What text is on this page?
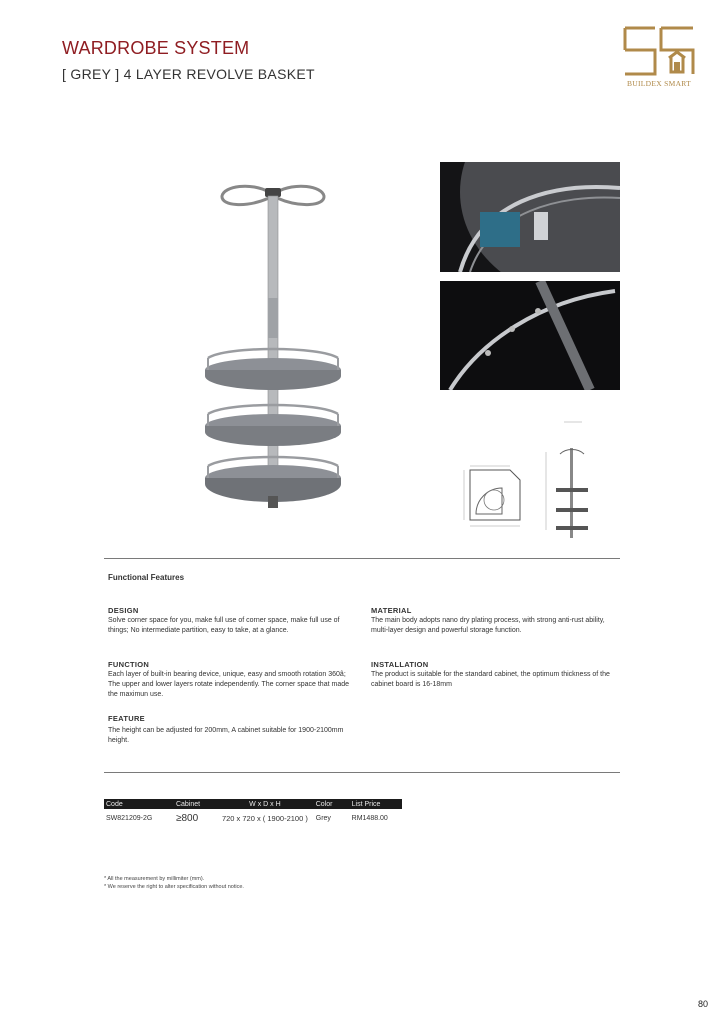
WARDROBE SYSTEM
[ GREY ] 4 LAYER REVOLVE BASKET
BUILDEX SMART
Functional Features
DESIGN
Solve corner space for you, make full use of corner space, make full use of things; No intermediate partition, easy to take, at a glance.
FUNCTION
Each layer of built-in bearing device, unique, easy and smooth rotation 360â; The upper and lower layers rotate independently. The corner space that made the maximun use.
FEATURE
The height can be adjusted for 200mm, A cabinet suitable for 1900-2100mm height.
MATERIAL
The main body adopts nano dry plating process, with strong anti-rust ability, multi-layer design and powerful storage function.
INSTALLATION
The product is suitable for the standard cabinet, the optimum thickness of the cabinet board is 16-18mm
Code	Cabinet	W x D x H	Color	List Price
SW821209-2G	≥800	720 x 720 x ( 1900-2100 )	Grey	RM1488.00
* All the measurement by millimiter (mm).
* We reserve the right to alter specification without notice.
80
